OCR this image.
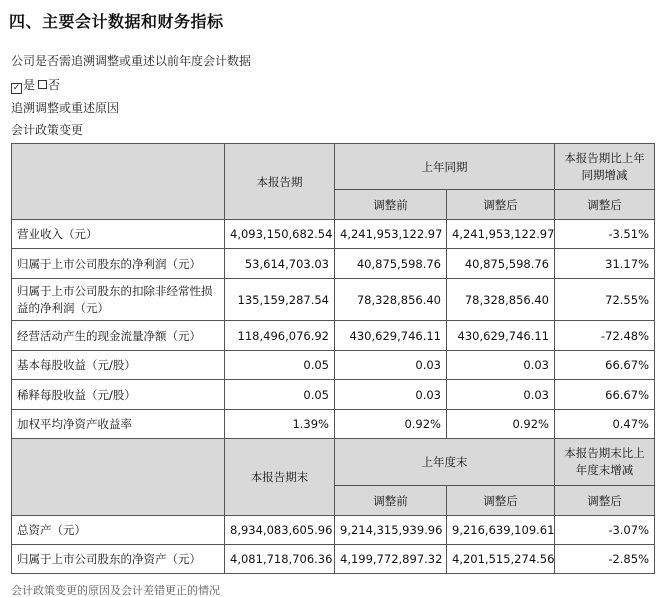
四、主要会计数据和财务指标
公司是否需追溯调整或重述以前年度会计数据
✓ 是 否
追溯调整或重述原因
会计政策变更
	本报告期	上年同期		本报告期比上年同期增减
		调整前	调整后	调整后
营业收入（元）	4,093,150,682.54	4,241,953,122.97	4,241,953,122.97	-3.51%
归属于上市公司股东的净利润（元）	53,614,703.03	40,875,598.76	40,875,598.76	31.17%
归属于上市公司股东的扣除非经常性损益的净利润（元）	135,159,287.54	78,328,856.40	78,328,856.40	72.55%
经营活动产生的现金流量净额（元）	118,496,076.92	430,629,746.11	430,629,746.11	-72.48%
基本每股收益（元/股）	0.05	0.03	0.03	66.67%
稀释每股收益（元/股）	0.05	0.03	0.03	66.67%
加权平均净资产收益率	1.39%	0.92%	0.92%	0.47%
	本报告期末	上年度末		本报告期末比上年度末增减
		调整前	调整后	调整后
总资产（元）	8,934,083,605.96	9,214,315,939.96	9,216,639,109.61	-3.07%
归属于上市公司股东的净资产（元）	4,081,718,706.36	4,199,772,897.32	4,201,515,274.56	-2.85%
会计政策变更的原因及会计差错更正的情况
